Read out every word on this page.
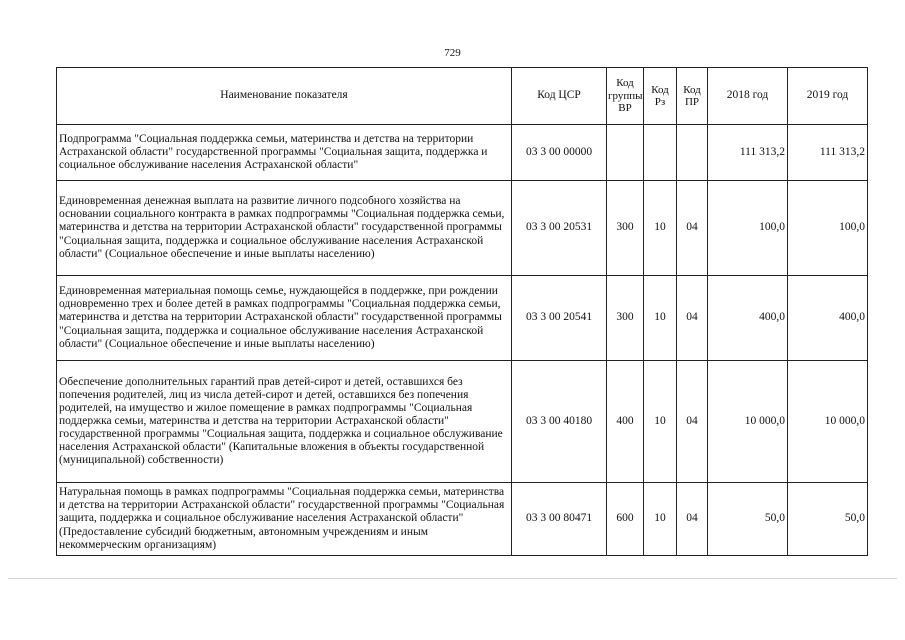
729
Наименование показателя	Код ЦСР	Код группы ВР	Код Рз	Код ПР	2018 год	2019 год
Подпрограмма "Социальная поддержка семьи, материнства и детства на территории Астраханской области" государственной программы "Социальная защита, поддержка и социальное обслуживание населения Астраханской области"	03 3 00 00000				111 313,2	111 313,2
Единовременная денежная выплата на развитие личного подсобного хозяйства на основании социального контракта в рамках подпрограммы "Социальная поддержка семьи, материнства и детства на территории Астраханской области" государственной программы "Социальная защита, поддержка и социальное обслуживание населения Астраханской области" (Социальное обеспечение и иные выплаты населению)	03 3 00 20531	300	10	04	100,0	100,0
Единовременная материальная помощь семье, нуждающейся в поддержке, при рождении одновременно трех и более детей в рамках подпрограммы "Социальная поддержка семьи, материнства и детства на территории Астраханской области" государственной программы "Социальная защита, поддержка и социальное обслуживание населения Астраханской области" (Социальное обеспечение и иные выплаты населению)	03 3 00 20541	300	10	04	400,0	400,0
Обеспечение дополнительных гарантий прав детей-сирот и детей, оставшихся без попечения родителей, лиц из числа детей-сирот и детей, оставшихся без попечения родителей, на имущество и жилое помещение в рамках подпрограммы "Социальная поддержка семьи, материнства и детства на территории Астраханской области" государственной программы "Социальная защита, поддержка и социальное обслуживание населения Астраханской области" (Капитальные вложения в объекты государственной (муниципальной) собственности)	03 3 00 40180	400	10	04	10 000,0	10 000,0
Натуральная помощь в рамках подпрограммы "Социальная поддержка семьи, материнства и детства на территории Астраханской области" государственной программы "Социальная защита, поддержка и социальное обслуживание населения Астраханской области" (Предоставление субсидий бюджетным, автономным учреждениям и иным некоммерческим организациям)	03 3 00 80471	600	10	04	50,0	50,0
